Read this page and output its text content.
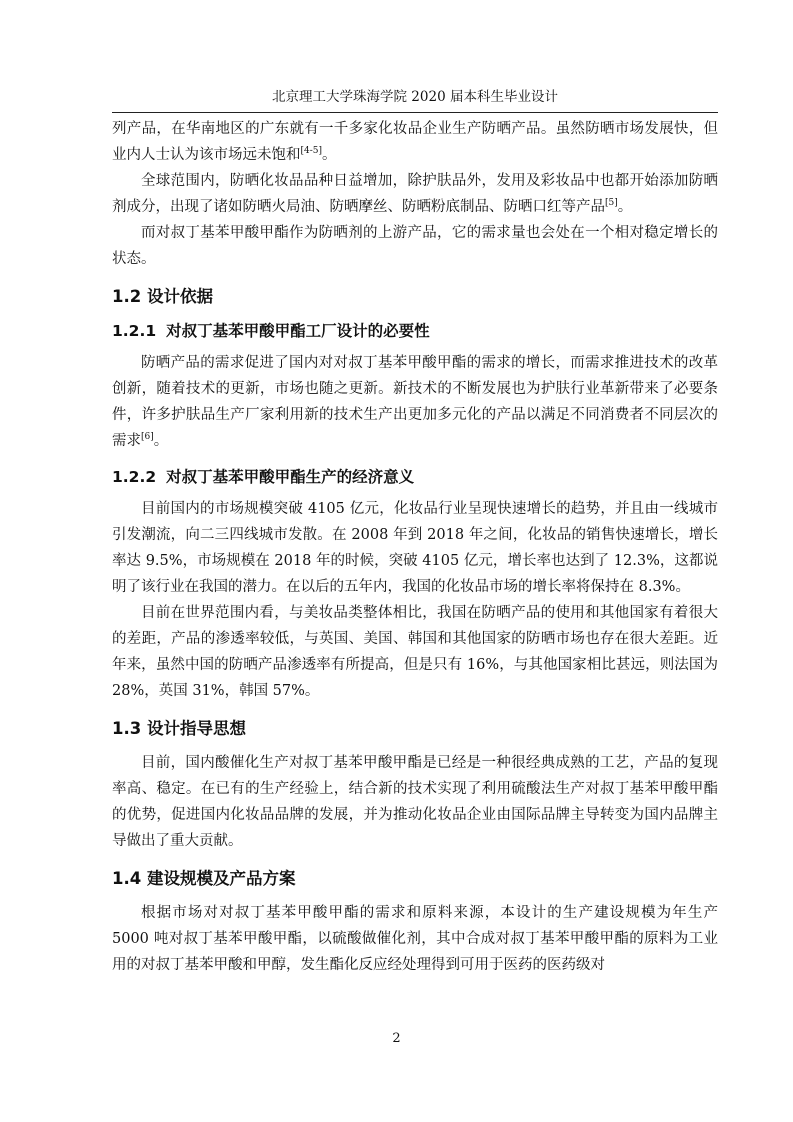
北京理工大学珠海学院 2020 届本科生毕业设计

列产品，在华南地区的广东就有一千多家化妆品企业生产防晒产品。虽然防晒市场发展快，但业内人士认为该市场远未饱和[4-5]。

全球范围内，防晒化妆品品种日益增加，除护肤品外，发用及彩妆品中也都开始添加防晒剂成分，出现了诸如防晒火局油、防晒摩丝、防晒粉底制品、防晒口红等产品[5]。

而对叔丁基苯甲酸甲酯作为防晒剂的上游产品，它的需求量也会处在一个相对稳定增长的状态。

1.2 设计依据
1.2.1 对叔丁基苯甲酸甲酯工厂设计的必要性

防晒产品的需求促进了国内对对叔丁基苯甲酸甲酯的需求的增长，而需求推进技术的改革创新，随着技术的更新，市场也随之更新。新技术的不断发展也为护肤行业革新带来了必要条件，许多护肤品生产厂家利用新的技术生产出更加多元化的产品以满足不同消费者不同层次的需求[6]。

1.2.2 对叔丁基苯甲酸甲酯生产的经济意义

目前国内的市场规模突破 4105 亿元，化妆品行业呈现快速增长的趋势，并且由一线城市引发潮流，向二三四线城市发散。在 2008 年到 2018 年之间，化妆品的销售快速增长，增长率达 9.5%，市场规模在 2018 年的时候，突破 4105 亿元，增长率也达到了 12.3%，这都说明了该行业在我国的潜力。在以后的五年内，我国的化妆品市场的增长率将保持在 8.3%。

目前在世界范围内看，与美妆品类整体相比，我国在防晒产品的使用和其他国家有着很大的差距，产品的渗透率较低，与英国、美国、韩国和其他国家的防晒市场也存在很大差距。近年来，虽然中国的防晒产品渗透率有所提高，但是只有 16%，与其他国家相比甚远，则法国为 28%，英国 31%，韩国 57%。

1.3 设计指导思想

目前，国内酸催化生产对叔丁基苯甲酸甲酯是已经是一种很经典成熟的工艺，产品的复现率高、稳定。在已有的生产经验上，结合新的技术实现了利用硫酸法生产对叔丁基苯甲酸甲酯的优势，促进国内化妆品品牌的发展，并为推动化妆品企业由国际品牌主导转变为国内品牌主导做出了重大贡献。

1.4 建设规模及产品方案

根据市场对对叔丁基苯甲酸甲酯的需求和原料来源，本设计的生产建设规模为年生产 5000 吨对叔丁基苯甲酸甲酯，以硫酸做催化剂，其中合成对叔丁基苯甲酸甲酯的原料为工业用的对叔丁基苯甲酸和甲醇，发生酯化反应经处理得到可用于医药的医药级对

2
